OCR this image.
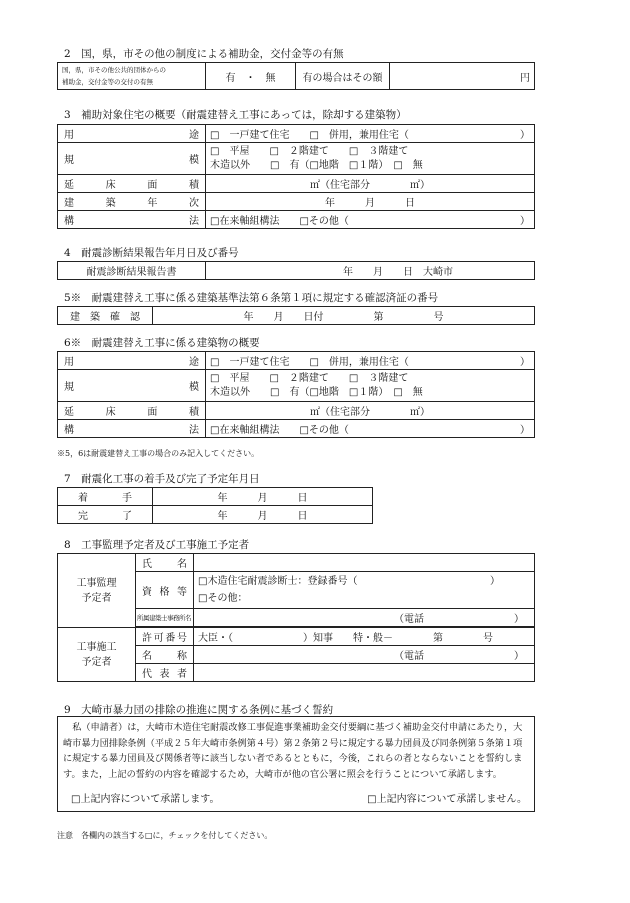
2　国，県，市その他の制度による補助金，交付金等の有無
国，県，市その他公共的団体からの
補助金，交付金等の交付の有無	有　・　無	有の場合はその額	円
3　補助対象住宅の概要（耐震建替え工事にあっては，除却する建築物）
用途	□　一戸建て住宅　　□　併用，兼用住宅（ ）

規模	□　平屋　　□　２階建て　　□　３階建て
木造以外　　□　有（□地階　□１階）　□　無

延床面積	㎡（住宅部分　　　　㎡）
建築年次	年　　　月　　　日
構法	□在来軸組構法　　□その他（ ）
4　耐震診断結果報告年月日及び番号
耐震診断結果報告書	年　　月　　日　大崎市
5※　耐震建替え工事に係る建築基準法第６条第１項に規定する確認済証の番号
建築確認	年　　月　　日付　　　　　第　　　　　号
6※　耐震建替え工事に係る建築物の概要
用途	□　一戸建て住宅　　□　併用，兼用住宅（ ）

規模	□　平屋　　□　２階建て　　□　３階建て
木造以外　　□　有（□地階　□１階）　□　無

延床面積	㎡（住宅部分　　　　㎡）
構法	□在来軸組構法　　□その他（ ）
※5，6は耐震建替え工事の場合のみ記入してください。
7　耐震化工事の着手及び完了予定年月日
着手	年　　　月　　　日
完了	年　　　月　　　日
8　工事監理予定者及び工事施工予定者
工事監理
予定者	氏名	
	資格等	□木造住宅耐震診断士：登録番号（ ）
□その他：

	所属建築士事務所名	（電話　　　　　　　　　）

工事施工
予定者	許可番号	大臣・（　　　　　　　）知事　　特・般－　　　　第　　　　号
	名称	（電話　　　　　　　　　）

	代表者	
9　大崎市暴力団の排除の推進に関する条例に基づく誓約

私（申請者）は，大崎市木造住宅耐震改修工事促進事業補助金交付要綱に基づく補助金交付申請にあたり，大崎市暴力団排除条例（平成２５年大崎市条例第４号）第２条第２号に規定する暴力団員及び同条例第５条第１項に規定する暴力団員及び関係者等に該当しない者であるとともに，今後，これらの者とならないことを誓約します。また，上記の誓約の内容を確認するため，大崎市が他の官公署に照会を行うことについて承諾します。

□上記内容について承諾します。	□上記内容について承諾しません。
注意　各欄内の該当する□に，チェックを付してください。
